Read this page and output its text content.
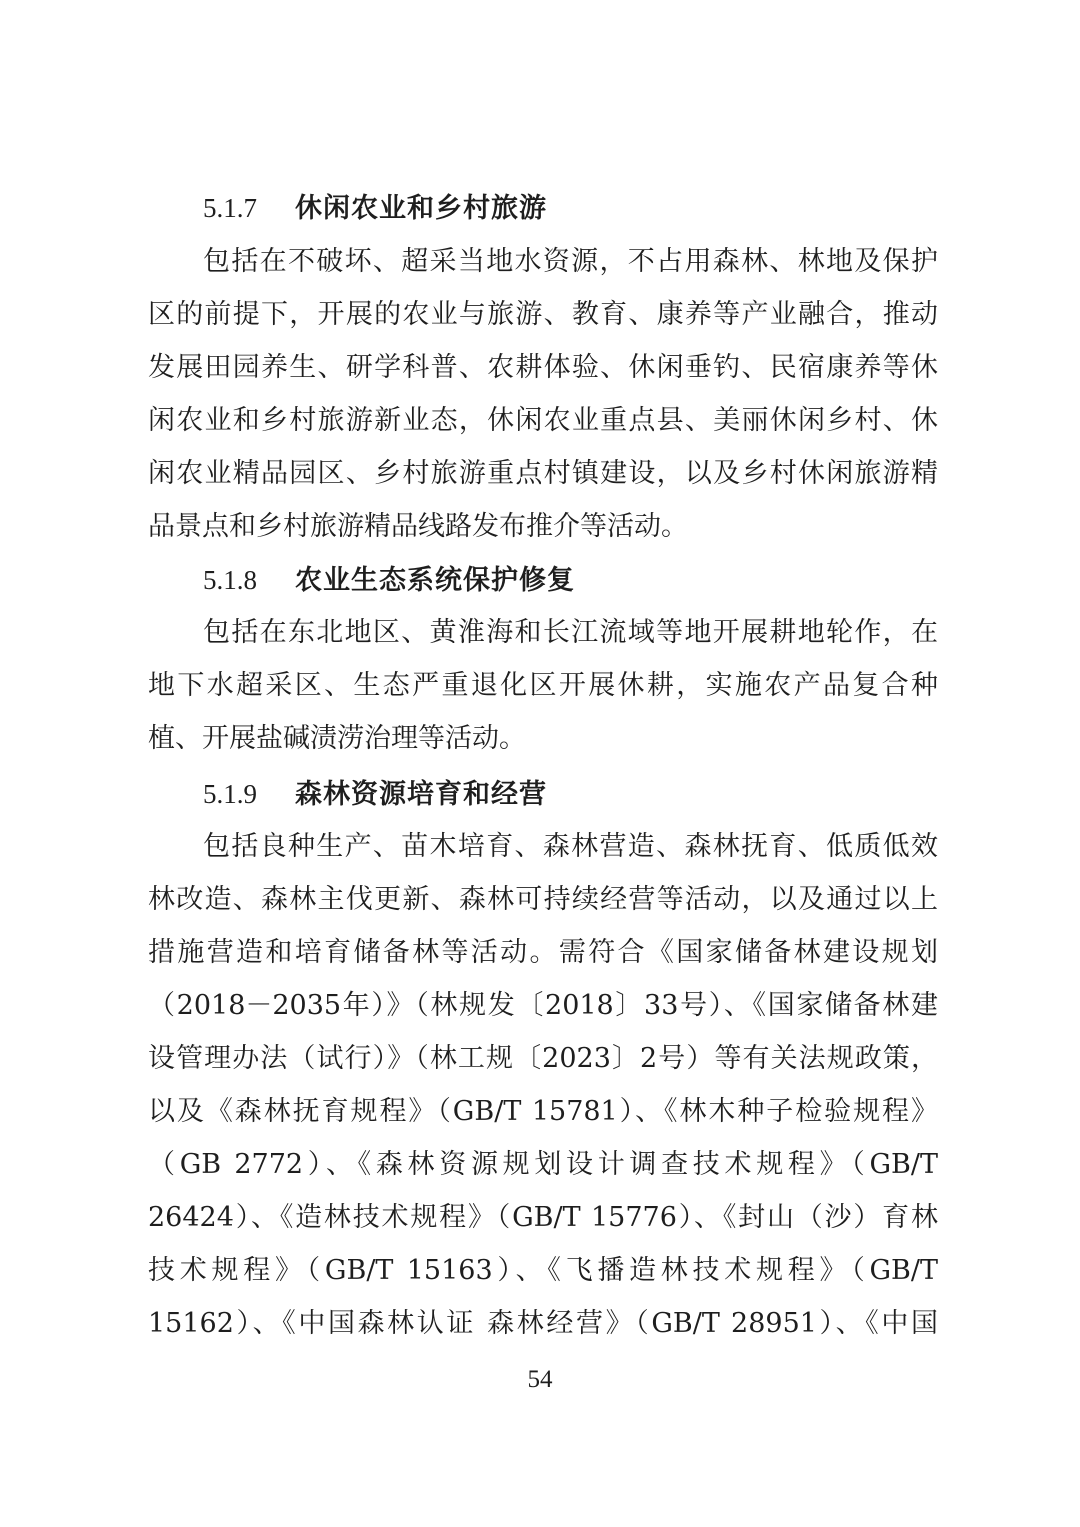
5.1.7 休闲农业和乡村旅游
包括在不破坏、超采当地水资源，不占用森林、林地及保护
区的前提下，开展的农业与旅游、教育、康养等产业融合，推动
发展田园养生、研学科普、农耕体验、休闲垂钓、民宿康养等休
闲农业和乡村旅游新业态，休闲农业重点县、美丽休闲乡村、休
闲农业精品园区、乡村旅游重点村镇建设，以及乡村休闲旅游精
品景点和乡村旅游精品线路发布推介等活动。
5.1.8 农业生态系统保护修复
包括在东北地区、黄淮海和长江流域等地开展耕地轮作，在
地下水超采区、生态严重退化区开展休耕，实施农产品复合种
植、开展盐碱渍涝治理等活动。
5.1.9 森林资源培育和经营
包括良种生产、苗木培育、森林营造、森林抚育、低质低效
林改造、森林主伐更新、森林可持续经营等活动，以及通过以上
措施营造和培育储备林等活动。需符合《国家储备林建设规划
（2018－2035年）》（林规发〔2018〕33号）、《国家储备林建
设管理办法（试行）》（林工规〔2023〕2号）等有关法规政策，
以及《森林抚育规程》（GB/T 15781）、《林木种子检验规程》
（GB 2772）、《森林资源规划设计调查技术规程》（GB/T
26424）、《造林技术规程》（GB/T 15776）、《封山（沙）育林
技术规程》（GB/T 15163）、《飞播造林技术规程》（GB/T
15162）、《中国森林认证 森林经营》（GB/T 28951）、《中国
54
